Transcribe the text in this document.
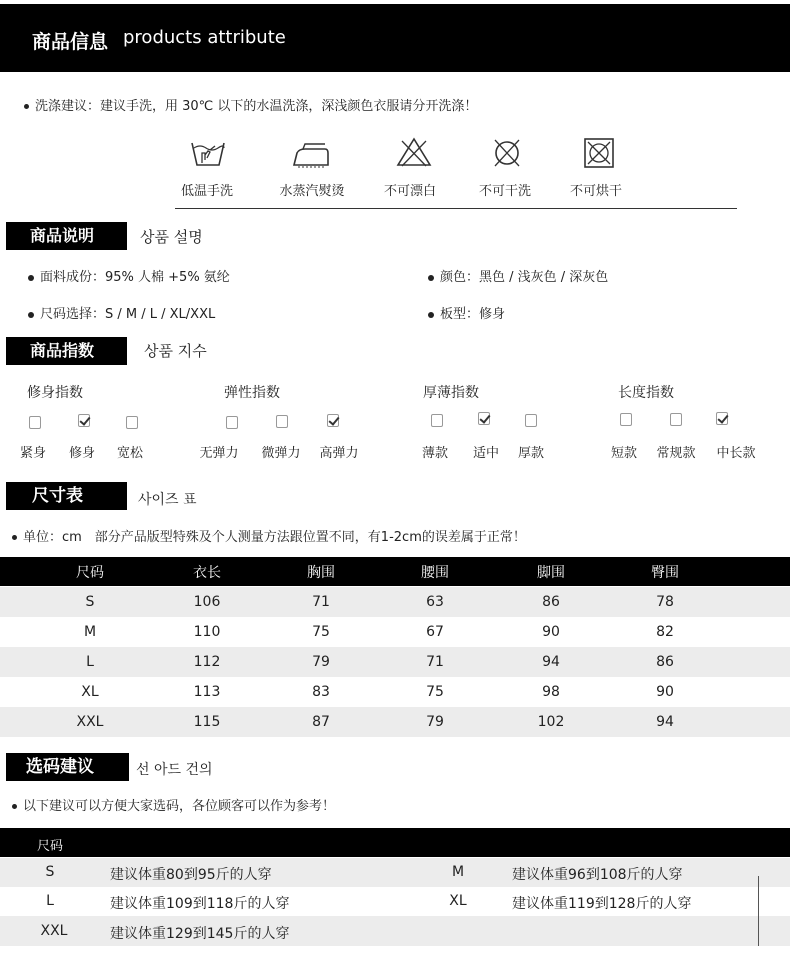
商品信息 products attribute
洗涤建议：建议手洗，用 30℃ 以下的水温洗涤，深浅颜色衣服请分开洗涤！
低温手洗	水蒸汽熨烫	不可漂白	不可干洗	不可烘干
商品说明	상품 설명
面料成份：95% 人棉 +5% 氨纶	颜色：黑色 / 浅灰色 / 深灰色
尺码选择：S / M / L / XL/XXL	板型：修身
商品指数	상품 지수
修身指数	弹性指数	厚薄指数	长度指数
紧身	修身	宽松	无弹力	微弹力	高弹力	薄款	适中	厚款	短款	常规款	中长款
尺寸表	사이즈 표
单位：cm　部分产品版型特殊及个人测量方法跟位置不同，有1-2cm的误差属于正常！
尺码	衣长	胸围	腰围	脚围	臀围
S	106	71	63	86	78
M	110	75	67	90	82
L	112	79	71	94	86
XL	113	83	75	98	90
XXL	115	87	79	102	94
选码建议	선 아드 건의
以下建议可以方便大家选码，各位顾客可以作为参考！
尺码
S	建议体重80到95斤的人穿	M	建议体重96到108斤的人穿
L	建议体重109到118斤的人穿	XL	建议体重119到128斤的人穿
XXL	建议体重129到145斤的人穿
